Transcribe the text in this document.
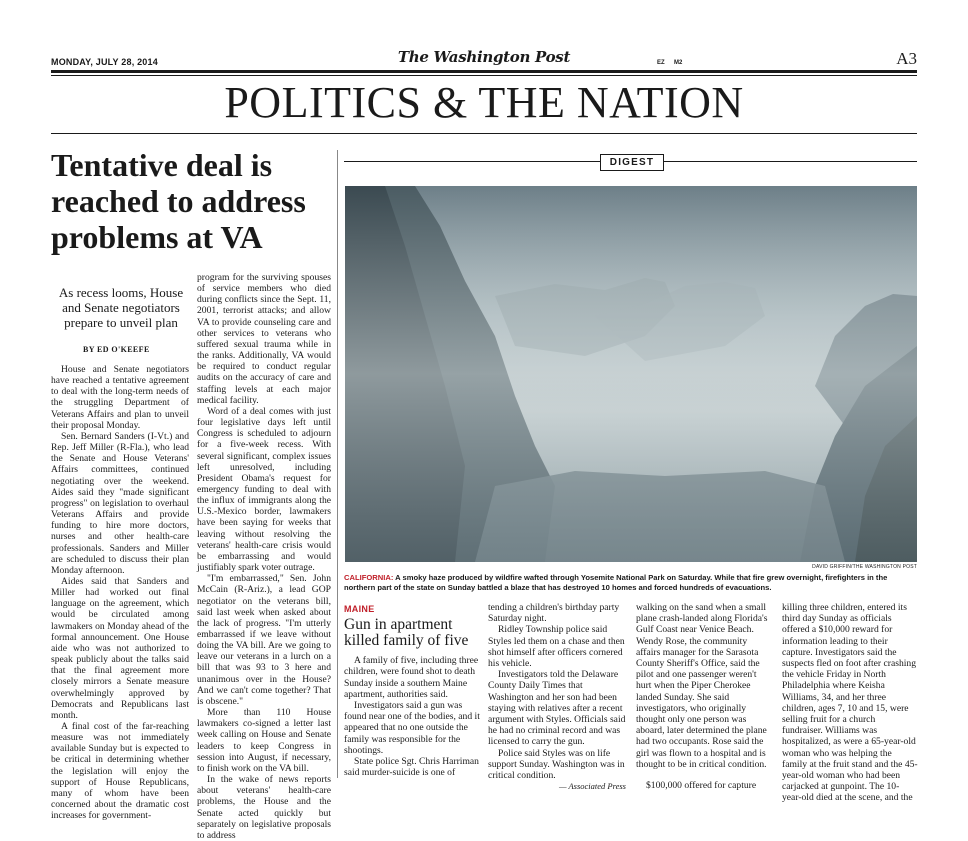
MONDAY, JULY 28, 2014	The Washington Post	EZ M2	A3
POLITICS & THE NATION
Tentative deal is reached to address problems at VA
As recess looms, House and Senate negotiators prepare to unveil plan
BY ED O'KEEFE

House and Senate negotiators have reached a tentative agreement to deal with the long-term needs of the struggling Department of Veterans Affairs and plan to unveil their proposal Monday.

Sen. Bernard Sanders (I-Vt.) and Rep. Jeff Miller (R-Fla.), who lead the Senate and House Veterans' Affairs committees, continued negotiating over the weekend. Aides said they "made significant progress" on legislation to overhaul Veterans Affairs and provide funding to hire more doctors, nurses and other health-care professionals. Sanders and Miller are scheduled to discuss their plan Monday afternoon.

Aides said that Sanders and Miller had worked out final language on the agreement, which would be circulated among lawmakers on Monday ahead of the formal announcement. One House aide who was not authorized to speak publicly about the talks said that the final agreement more closely mirrors a Senate measure overwhelmingly approved by Democrats and Republicans last month.

A final cost of the far-reaching measure was not immediately available Sunday but is expected to be critical in determining whether the legislation will enjoy the support of House Republicans, many of whom have been concerned about the dramatic cost increases for government-

program for the surviving spouses of service members who died during conflicts since the Sept. 11, 2001, terrorist attacks; and allow VA to provide counseling care and other services to veterans who suffered sexual trauma while in the ranks. Additionally, VA would be required to conduct regular audits on the accuracy of care and staffing levels at each major medical facility.

Word of a deal comes with just four legislative days left until Congress is scheduled to adjourn for a five-week recess. With several significant, complex issues left unresolved, including President Obama's request for emergency funding to deal with the influx of immigrants along the U.S.-Mexico border, lawmakers have been saying for weeks that leaving without resolving the veterans' health-care crisis would be embarrassing and would justifiably spark voter outrage.

"I'm embarrassed," Sen. John McCain (R-Ariz.), a lead GOP negotiator on the veterans bill, said last week when asked about the lack of progress. "I'm utterly embarrassed if we leave without doing the VA bill. Are we going to leave our veterans in a lurch on a bill that was 93 to 3 here and unanimous over in the House? And we can't come together? That is obscene."

More than 110 House lawmakers co-signed a letter last week calling on House and Senate leaders to keep Congress in session into August, if necessary, to finish work on the VA bill.

In the wake of news reports about veterans' health-care problems, the House and the Senate acted quickly but separately on legislative proposals to address

DIGEST
DAVID GRIFFIN/THE WASHINGTON POST
CALIFORNIA: A smoky haze produced by wildfire wafted through Yosemite National Park on Saturday. While that fire grew overnight, firefighters in the northern part of the state on Sunday battled a blaze that has destroyed 10 homes and forced hundreds of evacuations.
MAINE
Gun in apartment killed family of five

A family of five, including three children, were found shot to death Sunday inside a southern Maine apartment, authorities said.

Investigators said a gun was found near one of the bodies, and it appeared that no one outside the family was responsible for the shootings.

State police Sgt. Chris Harriman said murder-suicide is one of

tending a children's birthday party Saturday night.

Ridley Township police said Styles led them on a chase and then shot himself after officers cornered his vehicle.

Investigators told the Delaware County Daily Times that Washington and her son had been staying with relatives after a recent argument with Styles. Officials said he had no criminal record and was licensed to carry the gun.

Police said Styles was on life support Sunday. Washington was in critical condition.

— Associated Press

walking on the sand when a small plane crash-landed along Florida's Gulf Coast near Venice Beach. Wendy Rose, the community affairs manager for the Sarasota County Sheriff's Office, said the pilot and one passenger weren't hurt when the Piper Cherokee landed Sunday. She said investigators, who originally thought only one person was aboard, later determined the plane had two occupants. Rose said the girl was flown to a hospital and is thought to be in critical condition.

$100,000 offered for capture

killing three children, entered its third day Sunday as officials offered a $10,000 reward for information leading to their capture. Investigators said the suspects fled on foot after crashing the vehicle Friday in North Philadelphia where Keisha Williams, 34, and her three children, ages 7, 10 and 15, were selling fruit for a church fundraiser. Williams was hospitalized, as were a 65-year-old woman who was helping the family at the fruit stand and the 45-year-old woman who had been carjacked at gunpoint. The 10-year-old died at the scene, and the
